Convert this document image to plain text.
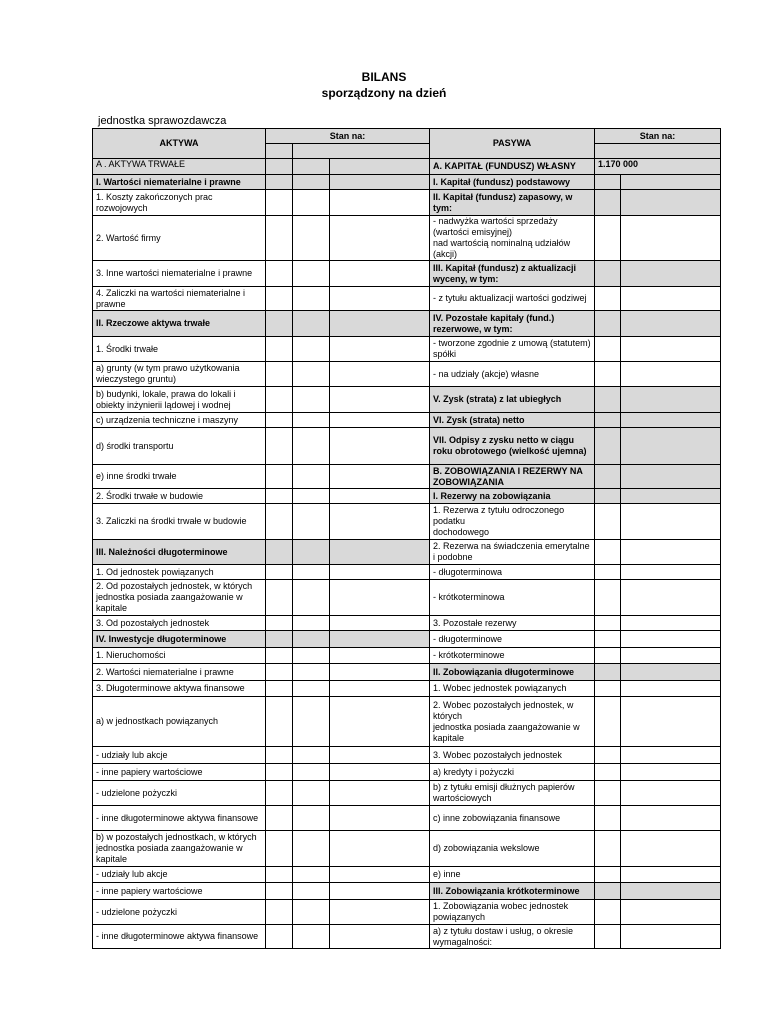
BILANS
sporządzony na dzień
jednostka sprawozdawcza
AKTYWA	Stan na:			PASYWA	Stan na:	

A . AKTYWA TRWAŁE				A. KAPITAŁ (FUNDUSZ) WŁASNY	1.170 000	
I. Wartości niematerialne i prawne				I. Kapitał (fundusz) podstawowy		
1. Koszty zakończonych prac rozwojowych				II. Kapitał (fundusz) zapasowy, w tym:		
2. Wartość firmy				- nadwyżka wartości sprzedaży (wartości emisyjnej)
nad wartością nominalną udziałów (akcji)		
3. Inne wartości niematerialne i prawne				III. Kapitał (fundusz) z aktualizacji wyceny, w tym:		
4. Zaliczki na wartości niematerialne i prawne				- z tytułu aktualizacji wartości godziwej		
II. Rzeczowe aktywa trwałe				IV. Pozostałe kapitały (fund.) rezerwowe, w tym:		
1. Środki trwałe				- tworzone zgodnie z umową (statutem) spółki		
a) grunty (w tym prawo użytkowania wieczystego gruntu)				- na udziały (akcje) własne		
b) budynki, lokale, prawa do lokali i obiekty inżynierii lądowej i wodnej				V. Zysk (strata) z lat ubiegłych		
c) urządzenia techniczne i maszyny				VI. Zysk (strata) netto		
d) środki transportu				VII. Odpisy z zysku netto w ciągu roku obrotowego (wielkość ujemna)		
e) inne środki trwałe				B. ZOBOWIĄZANIA I REZERWY NA ZOBOWIĄZANIA		
2. Środki trwałe w budowie				I. Rezerwy na zobowiązania		
3. Zaliczki na środki trwałe w budowie				1. Rezerwa z tytułu odroczonego podatku
dochodowego		
III. Należności długoterminowe				2. Rezerwa na świadczenia emerytalne i podobne		
1. Od jednostek powiązanych				- długoterminowa		
2. Od pozostałych jednostek, w których jednostka posiada zaangażowanie w kapitale				- krótkoterminowa		
3. Od pozostałych jednostek				3. Pozostałe rezerwy		
IV. Inwestycje długoterminowe				- długoterminowe		
1. Nieruchomości				- krótkoterminowe		
2. Wartości niematerialne i prawne				II. Zobowiązania długoterminowe		
3. Długoterminowe aktywa finansowe				1. Wobec jednostek powiązanych		
a) w jednostkach powiązanych				2. Wobec pozostałych jednostek, w których
jednostka posiada zaangażowanie w kapitale		
- udziały lub akcje				3. Wobec pozostałych jednostek		
- inne papiery wartościowe				a) kredyty i pożyczki		
- udzielone pożyczki				b) z tytułu emisji dłużnych papierów wartościowych		
- inne długoterminowe aktywa finansowe				c) inne zobowiązania finansowe		
b) w pozostałych jednostkach, w których jednostka posiada zaangażowanie w kapitale				d) zobowiązania wekslowe		
- udziały lub akcje				e) inne		
- inne papiery wartościowe				III. Zobowiązania krótkoterminowe		
- udzielone pożyczki				1. Zobowiązania wobec jednostek powiązanych		
- inne długoterminowe aktywa finansowe				a) z tytułu dostaw i usług, o okresie wymagalności:		
